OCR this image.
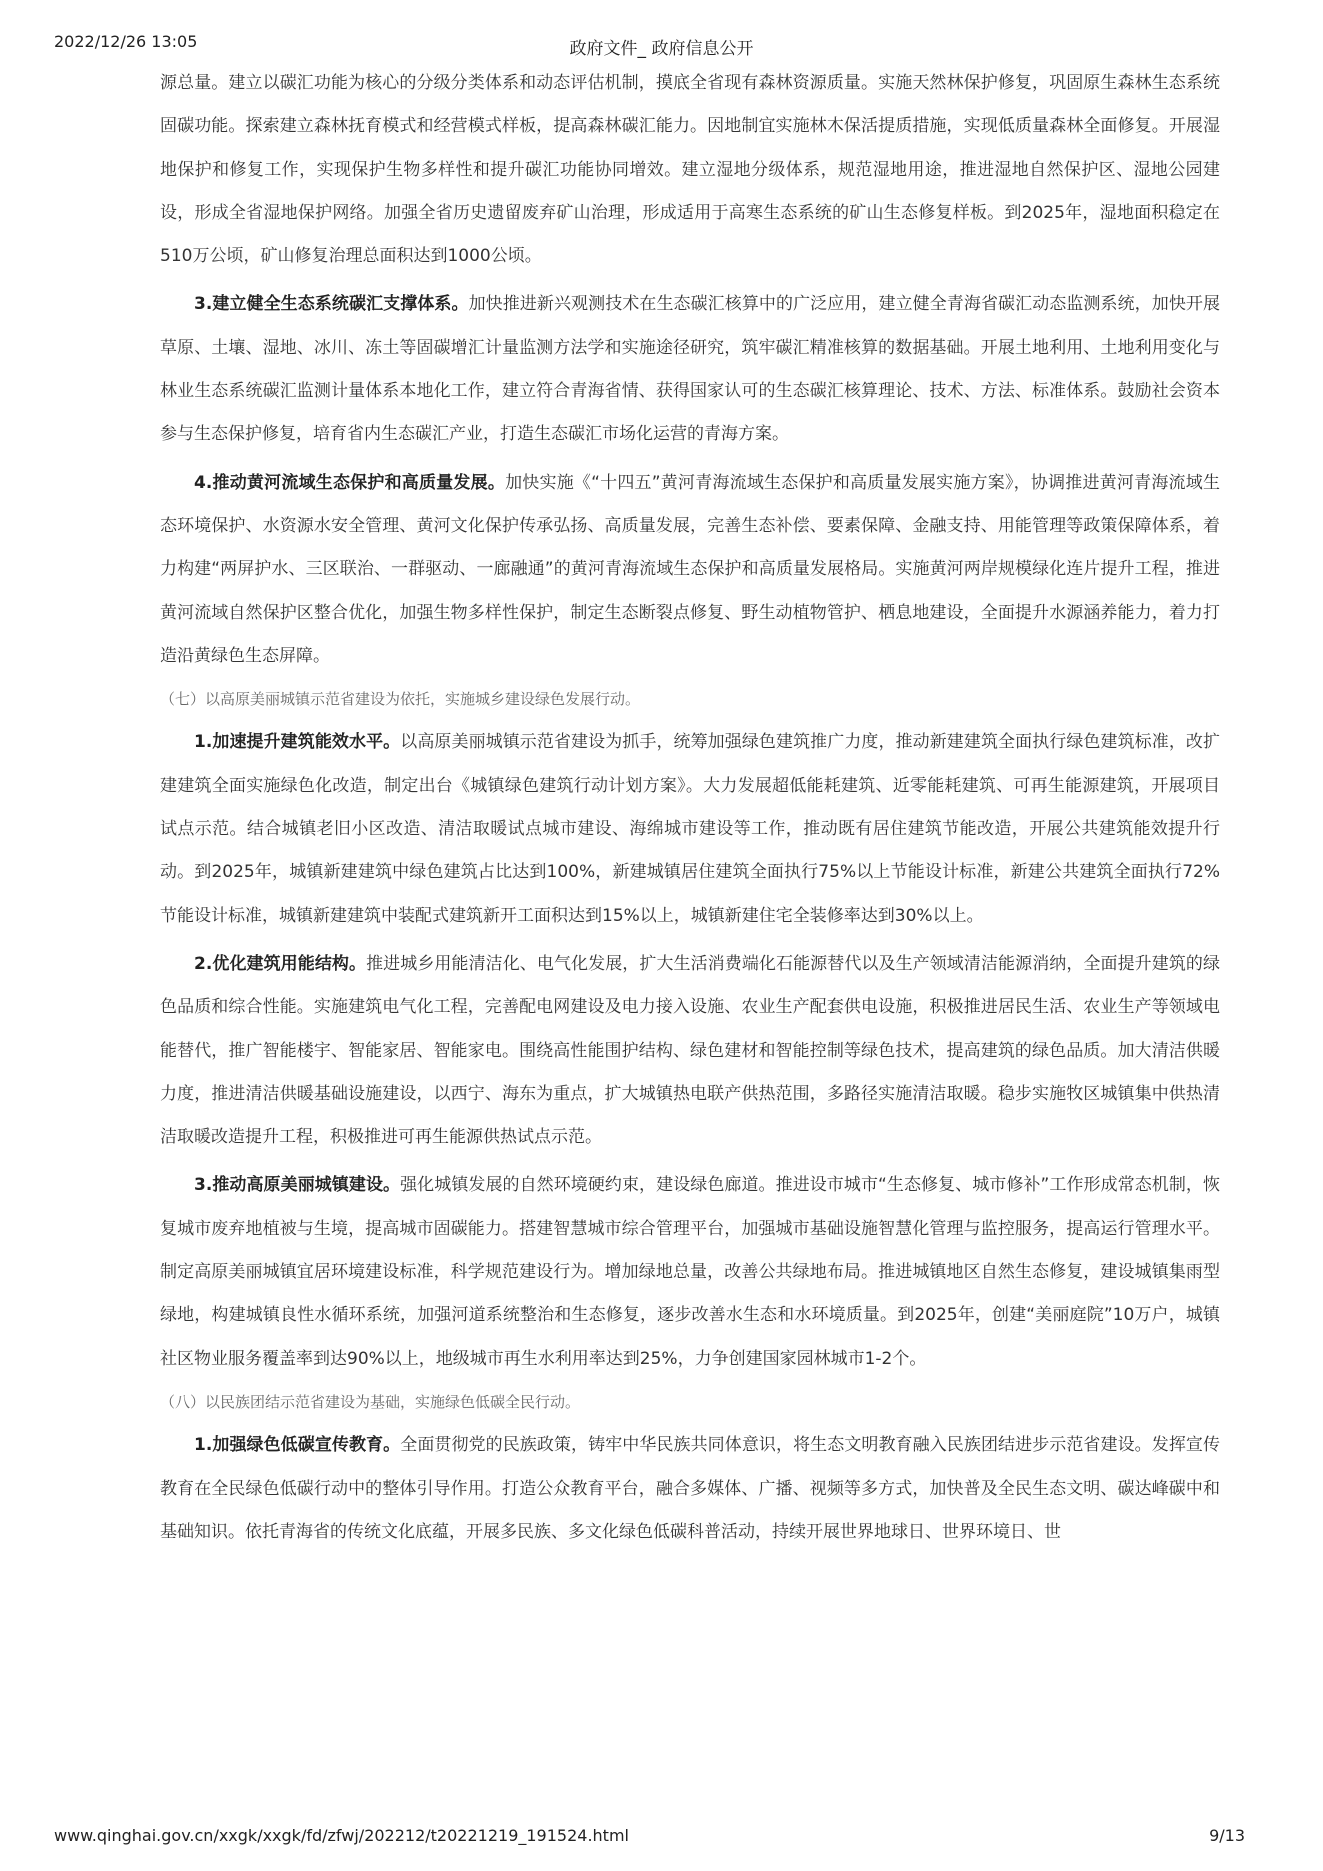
2022/12/26 13:05	政府文件_ 政府信息公开

源总量。建立以碳汇功能为核心的分级分类体系和动态评估机制，摸底全省现有森林资源质量。实施天然林保护修复，巩固原生森林生态系统固碳功能。探索建立森林抚育模式和经营模式样板，提高森林碳汇能力。因地制宜实施林木保活提质措施，实现低质量森林全面修复。开展湿地保护和修复工作，实现保护生物多样性和提升碳汇功能协同增效。建立湿地分级体系，规范湿地用途，推进湿地自然保护区、湿地公园建设，形成全省湿地保护网络。加强全省历史遗留废弃矿山治理，形成适用于高寒生态系统的矿山生态修复样板。到2025年，湿地面积稳定在510万公顷，矿山修复治理总面积达到1000公顷。

3.建立健全生态系统碳汇支撑体系。加快推进新兴观测技术在生态碳汇核算中的广泛应用，建立健全青海省碳汇动态监测系统，加快开展草原、土壤、湿地、冰川、冻土等固碳增汇计量监测方法学和实施途径研究，筑牢碳汇精准核算的数据基础。开展土地利用、土地利用变化与林业生态系统碳汇监测计量体系本地化工作，建立符合青海省情、获得国家认可的生态碳汇核算理论、技术、方法、标准体系。鼓励社会资本参与生态保护修复，培育省内生态碳汇产业，打造生态碳汇市场化运营的青海方案。

4.推动黄河流域生态保护和高质量发展。加快实施《“十四五”黄河青海流域生态保护和高质量发展实施方案》，协调推进黄河青海流域生态环境保护、水资源水安全管理、黄河文化保护传承弘扬、高质量发展，完善生态补偿、要素保障、金融支持、用能管理等政策保障体系，着力构建“两屏护水、三区联治、一群驱动、一廊融通”的黄河青海流域生态保护和高质量发展格局。实施黄河两岸规模绿化连片提升工程，推进黄河流域自然保护区整合优化，加强生物多样性保护，制定生态断裂点修复、野生动植物管护、栖息地建设，全面提升水源涵养能力，着力打造沿黄绿色生态屏障。

（七）以高原美丽城镇示范省建设为依托，实施城乡建设绿色发展行动。

1.加速提升建筑能效水平。以高原美丽城镇示范省建设为抓手，统筹加强绿色建筑推广力度，推动新建建筑全面执行绿色建筑标准，改扩建建筑全面实施绿色化改造，制定出台《城镇绿色建筑行动计划方案》。大力发展超低能耗建筑、近零能耗建筑、可再生能源建筑，开展项目试点示范。结合城镇老旧小区改造、清洁取暖试点城市建设、海绵城市建设等工作，推动既有居住建筑节能改造，开展公共建筑能效提升行动。到2025年，城镇新建建筑中绿色建筑占比达到100%，新建城镇居住建筑全面执行75%以上节能设计标准，新建公共建筑全面执行72%节能设计标准，城镇新建建筑中装配式建筑新开工面积达到15%以上，城镇新建住宅全装修率达到30%以上。

2.优化建筑用能结构。推进城乡用能清洁化、电气化发展，扩大生活消费端化石能源替代以及生产领域清洁能源消纳，全面提升建筑的绿色品质和综合性能。实施建筑电气化工程，完善配电网建设及电力接入设施、农业生产配套供电设施，积极推进居民生活、农业生产等领域电能替代，推广智能楼宇、智能家居、智能家电。围绕高性能围护结构、绿色建材和智能控制等绿色技术，提高建筑的绿色品质。加大清洁供暖力度，推进清洁供暖基础设施建设，以西宁、海东为重点，扩大城镇热电联产供热范围，多路径实施清洁取暖。稳步实施牧区城镇集中供热清洁取暖改造提升工程，积极推进可再生能源供热试点示范。

3.推动高原美丽城镇建设。强化城镇发展的自然环境硬约束，建设绿色廊道。推进设市城市“生态修复、城市修补”工作形成常态机制，恢复城市废弃地植被与生境，提高城市固碳能力。搭建智慧城市综合管理平台，加强城市基础设施智慧化管理与监控服务，提高运行管理水平。制定高原美丽城镇宜居环境建设标准，科学规范建设行为。增加绿地总量，改善公共绿地布局。推进城镇地区自然生态修复，建设城镇集雨型绿地，构建城镇良性水循环系统，加强河道系统整治和生态修复，逐步改善水生态和水环境质量。到2025年，创建“美丽庭院”10万户，城镇社区物业服务覆盖率到达90%以上，地级城市再生水利用率达到25%，力争创建国家园林城市1-2个。

（八）以民族团结示范省建设为基础，实施绿色低碳全民行动。

1.加强绿色低碳宣传教育。全面贯彻党的民族政策，铸牢中华民族共同体意识，将生态文明教育融入民族团结进步示范省建设。发挥宣传教育在全民绿色低碳行动中的整体引导作用。打造公众教育平台，融合多媒体、广播、视频等多方式，加快普及全民生态文明、碳达峰碳中和基础知识。依托青海省的传统文化底蕴，开展多民族、多文化绿色低碳科普活动，持续开展世界地球日、世界环境日、世

www.qinghai.gov.cn/xxgk/xxgk/fd/zfwj/202212/t20221219_191524.html	9/13
